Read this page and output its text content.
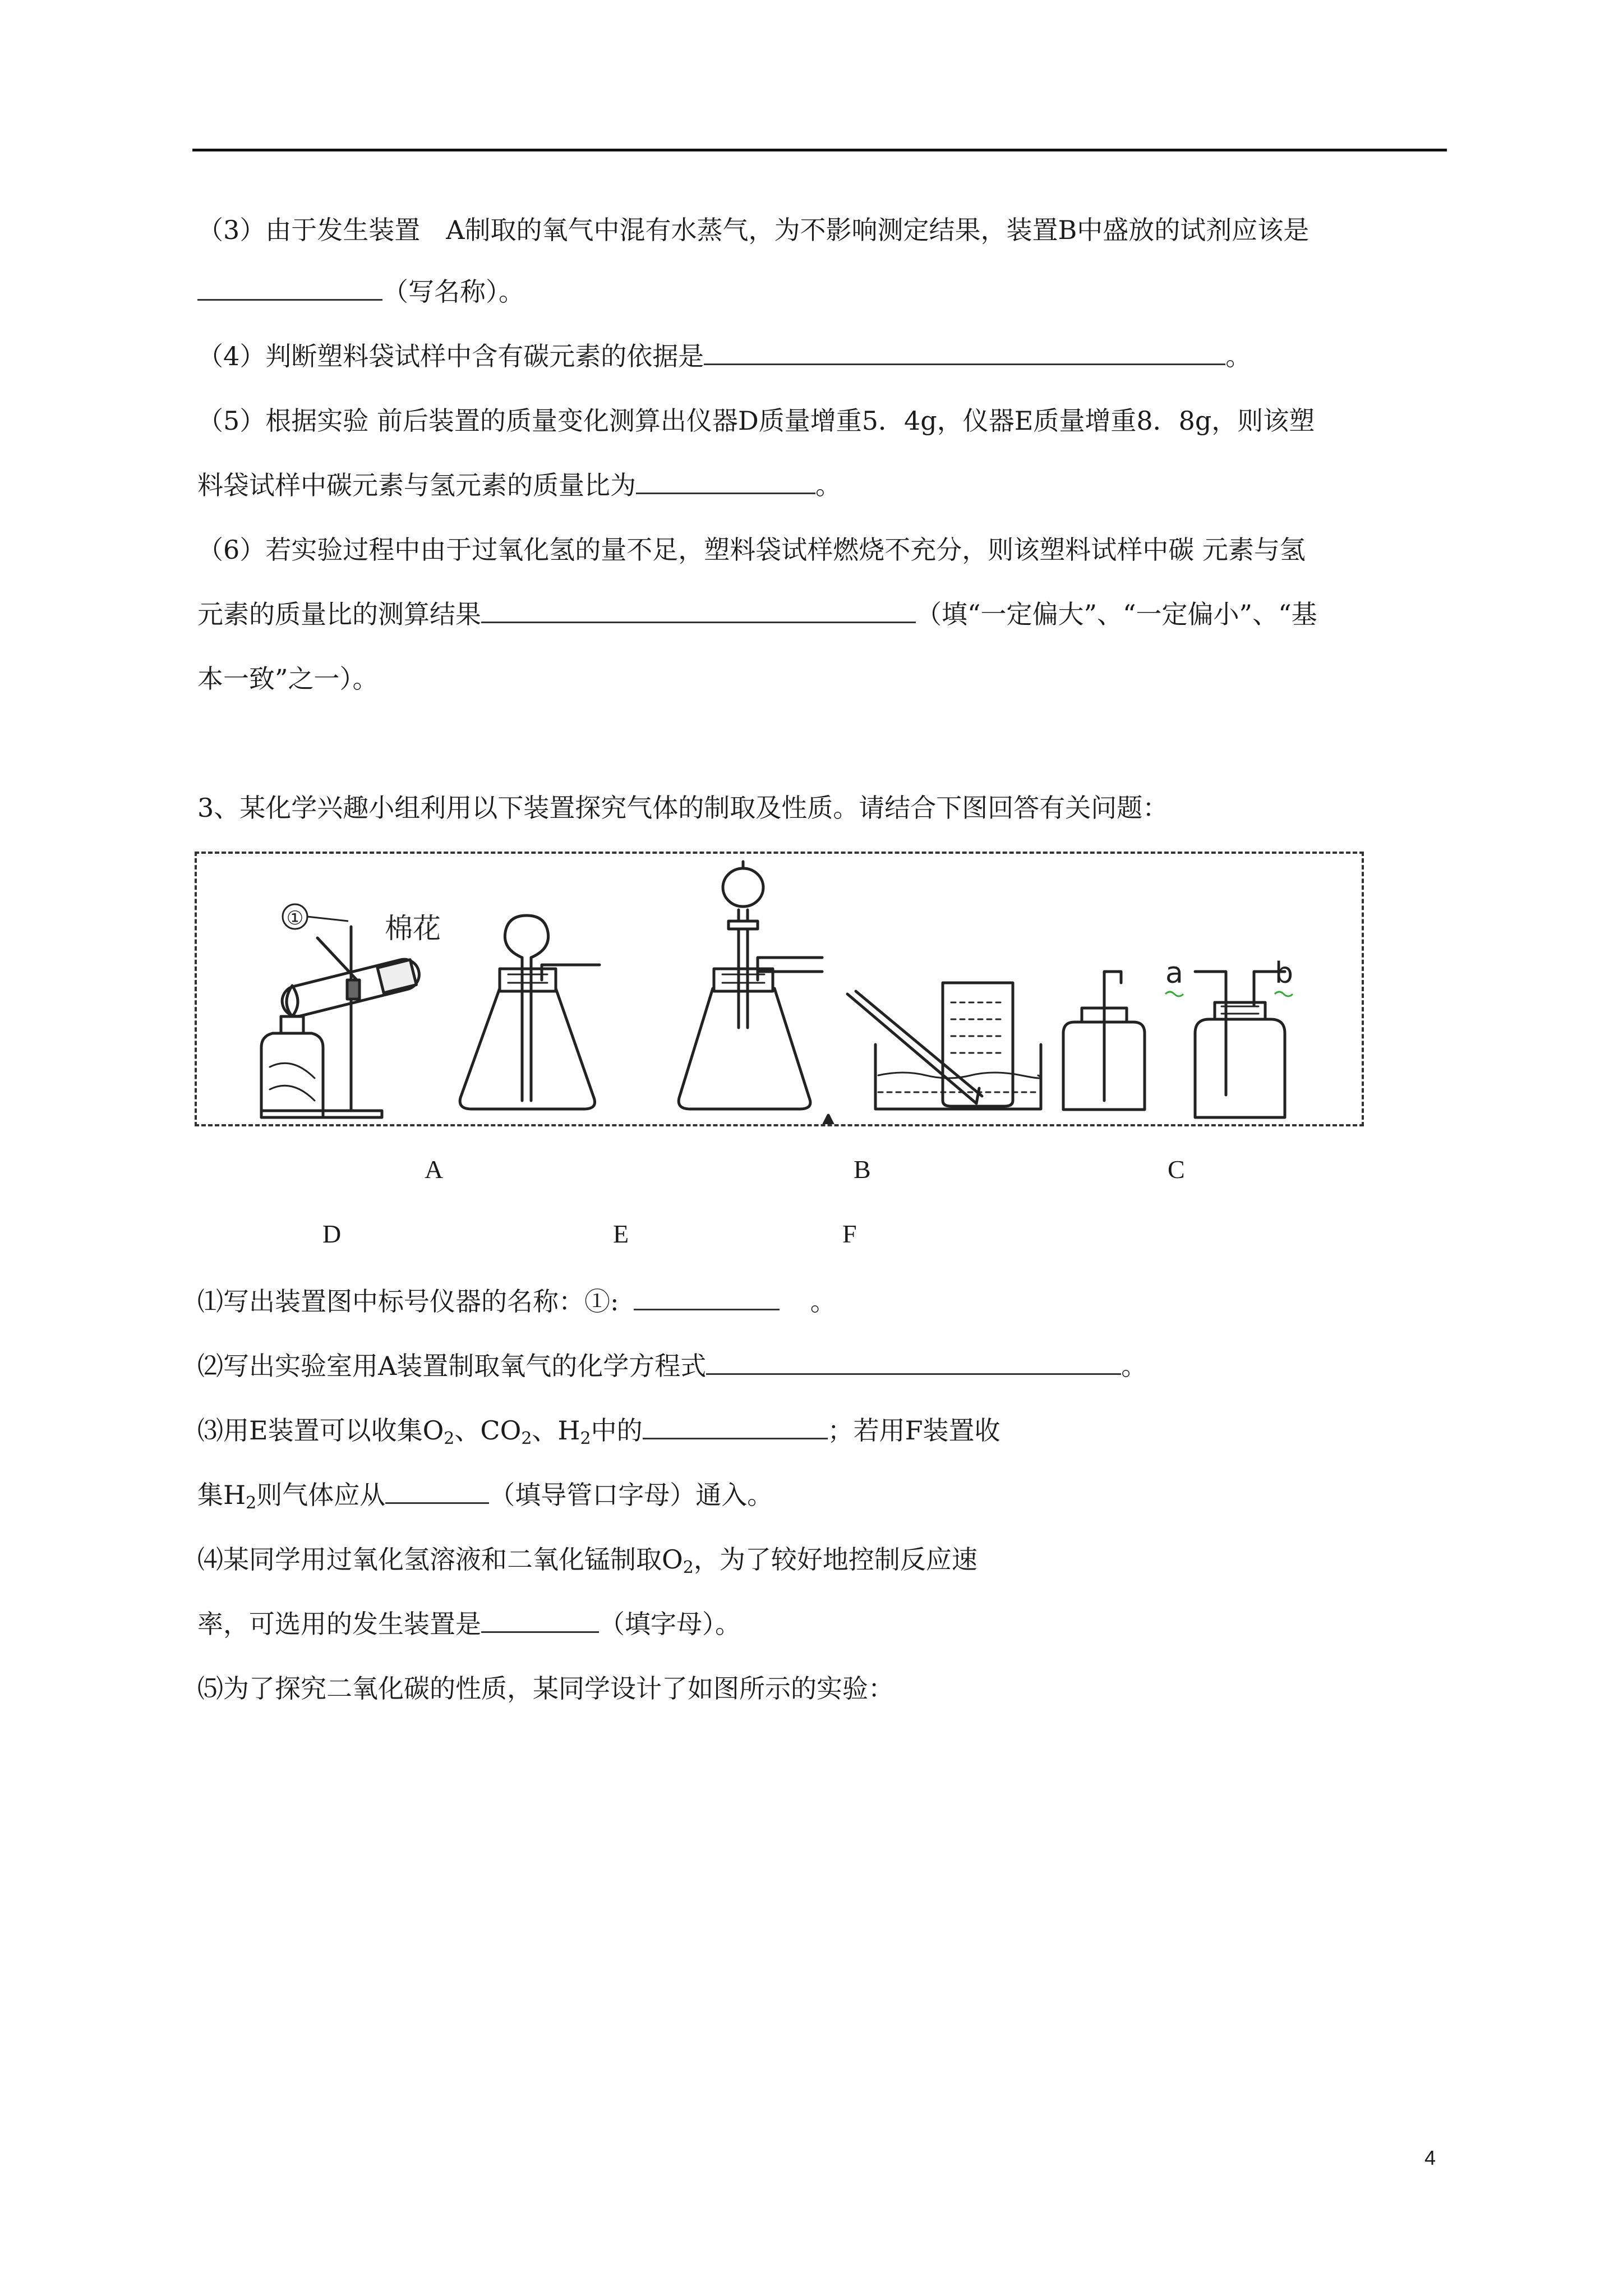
（3）由于发生装置　A制取的氧气中混有水蒸气，为不影响测定结果，装置B中盛放的试剂应该是
（写名称）。
（4）判断塑料袋试样中含有碳元素的依据是	。
（5）根据实验 前后装置的质量变化测算出仪器D质量增重5．4g，仪器E质量增重8．8g，则该塑
料袋试样中碳元素与氢元素的质量比为	。
（6）若实验过程中由于过氧化氢的量不足，塑料袋试样燃烧不充分，则该塑料试样中碳 元素与氢
元素的质量比的测算结果	（填“一定偏大”、“一定偏小”、“基
本一致”之一）。
3、某化学兴趣小组利用以下装置探究气体的制取及性质。请结合下图回答有关问题：
①	棉花
a	b
A	B	C
D	E	F
⑴写出装置图中标号仪器的名称：①:	。
⑵写出实验室用A装置制取氧气的化学方程式	。
⑶用E装置可以收集$O_2$、$CO_2$、$H_2$中的	；若用F装置收
集$H_2$则气体应从	（填导管口字母）通入。
⑷某同学用过氧化氢溶液和二氧化锰制取$O_2$，为了较好地控制反应速
率，可选用的发生装置是	（填字母）。
⑸为了探究二氧化碳的性质，某同学设计了如图所示的实验：
4
